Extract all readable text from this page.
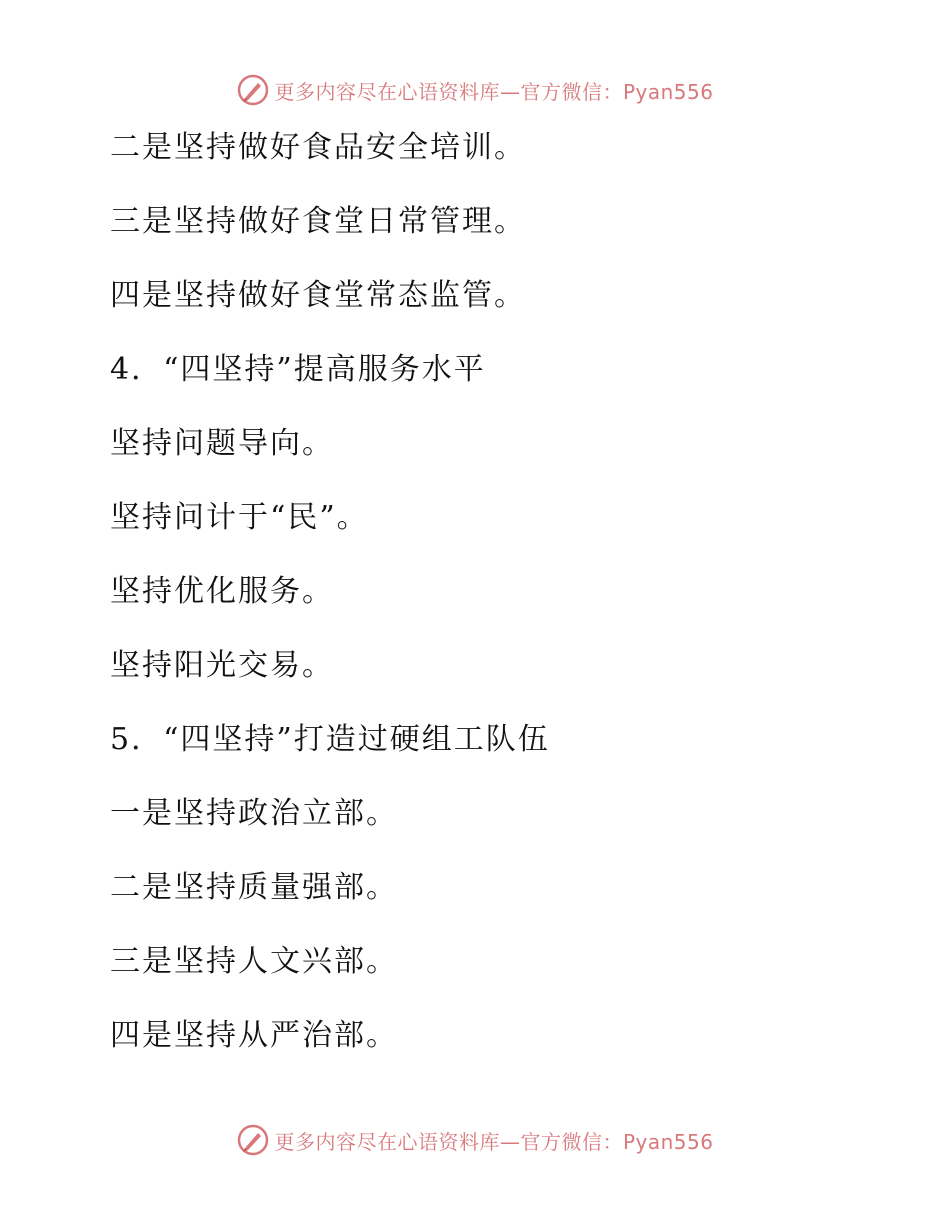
更多内容尽在心语资料库—官方微信：Pyan556
二是坚持做好食品安全培训。
三是坚持做好食堂日常管理。
四是坚持做好食堂常态监管。
4．“四坚持”提高服务水平
坚持问题导向。
坚持问计于“民”。
坚持优化服务。
坚持阳光交易。
5．“四坚持”打造过硬组工队伍
一是坚持政治立部。
二是坚持质量强部。
三是坚持人文兴部。
四是坚持从严治部。
更多内容尽在心语资料库—官方微信：Pyan556
